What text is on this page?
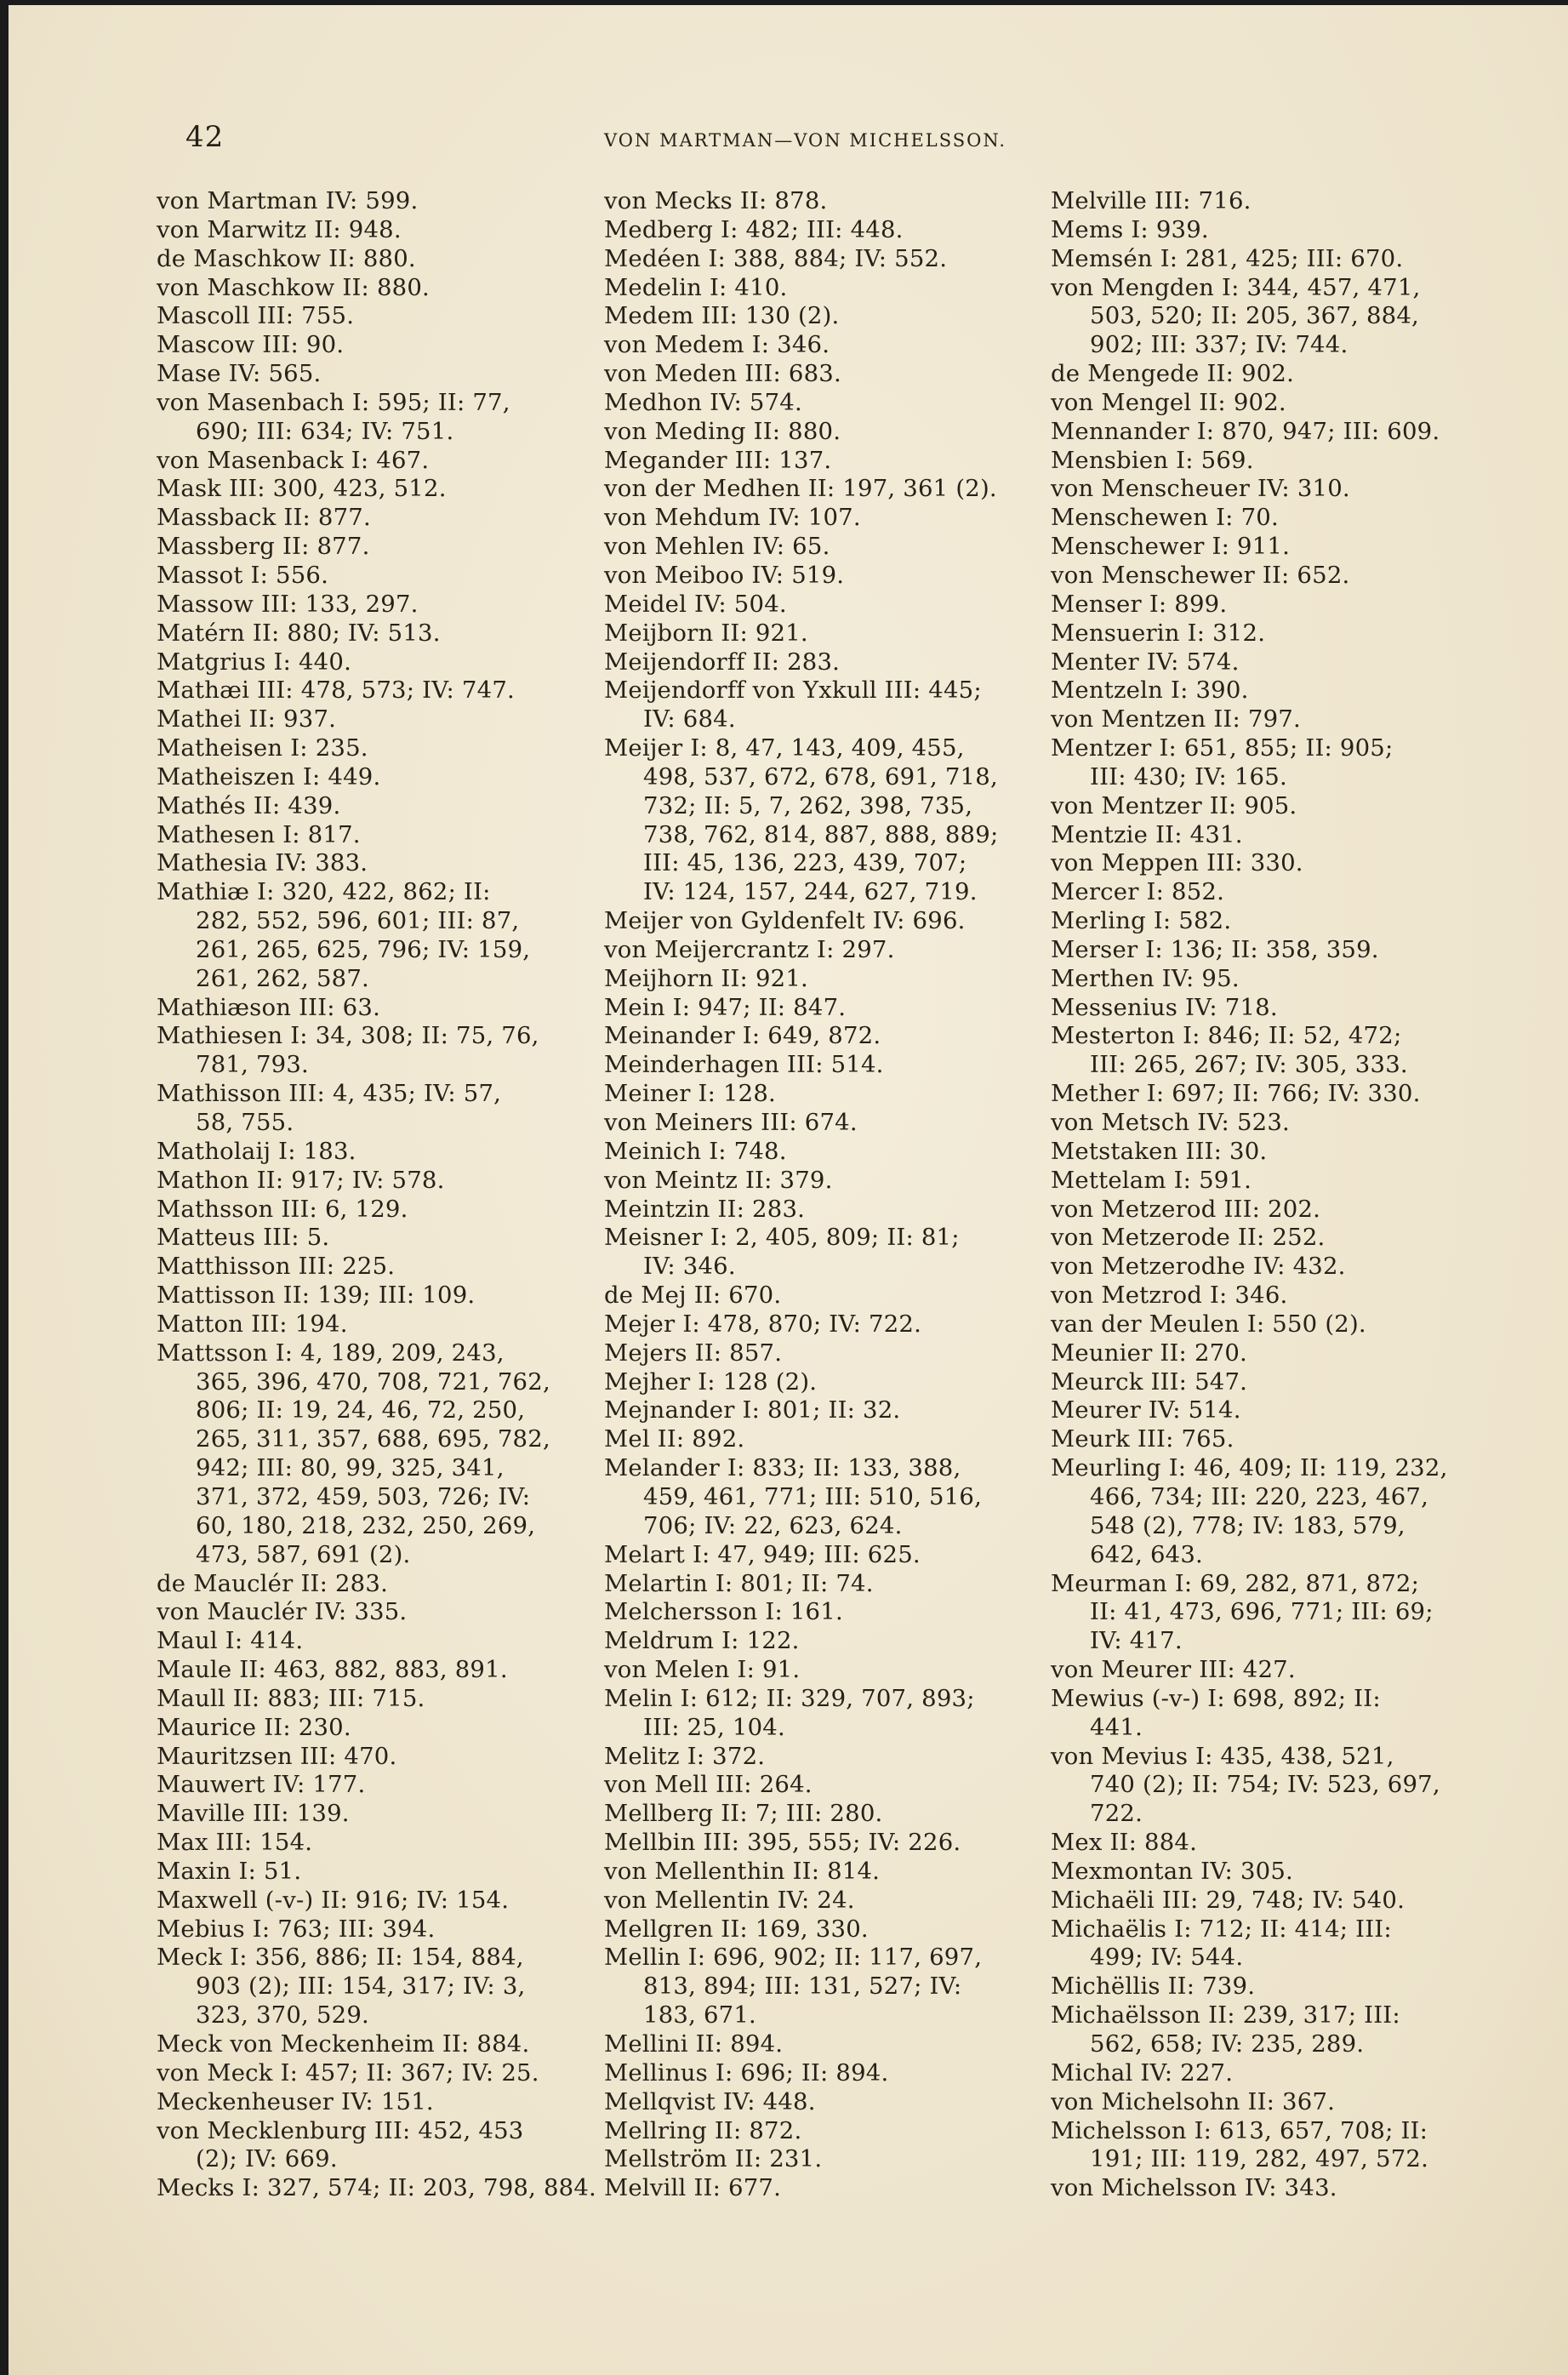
42	VON MARTMAN—VON MICHELSSON.
von Martman IV: 599.
von Marwitz II: 948.
de Maschkow II: 880.
von Maschkow II: 880.
Mascoll III: 755.
Mascow III: 90.
Mase IV: 565.
von Masenbach I: 595; II: 77,
690; III: 634; IV: 751.
von Masenback I: 467.
Mask III: 300, 423, 512.
Massback II: 877.
Massberg II: 877.
Massot I: 556.
Massow III: 133, 297.
Matérn II: 880; IV: 513.
Matgrius I: 440.
Mathæi III: 478, 573; IV: 747.
Mathei II: 937.
Matheisen I: 235.
Matheiszen I: 449.
Mathés II: 439.
Mathesen I: 817.
Mathesia IV: 383.
Mathiæ I: 320, 422, 862; II:
282, 552, 596, 601; III: 87,
261, 265, 625, 796; IV: 159,
261, 262, 587.
Mathiæson III: 63.
Mathiesen I: 34, 308; II: 75, 76,
781, 793.
Mathisson III: 4, 435; IV: 57,
58, 755.
Matholaij I: 183.
Mathon II: 917; IV: 578.
Mathsson III: 6, 129.
Matteus III: 5.
Matthisson III: 225.
Mattisson II: 139; III: 109.
Matton III: 194.
Mattsson I: 4, 189, 209, 243,
365, 396, 470, 708, 721, 762,
806; II: 19, 24, 46, 72, 250,
265, 311, 357, 688, 695, 782,
942; III: 80, 99, 325, 341,
371, 372, 459, 503, 726; IV:
60, 180, 218, 232, 250, 269,
473, 587, 691 (2).
de Mauclér II: 283.
von Mauclér IV: 335.
Maul I: 414.
Maule II: 463, 882, 883, 891.
Maull II: 883; III: 715.
Maurice II: 230.
Mauritzsen III: 470.
Mauwert IV: 177.
Maville III: 139.
Max III: 154.
Maxin I: 51.
Maxwell (-v-) II: 916; IV: 154.
Mebius I: 763; III: 394.
Meck I: 356, 886; II: 154, 884,
903 (2); III: 154, 317; IV: 3,
323, 370, 529.
Meck von Meckenheim II: 884.
von Meck I: 457; II: 367; IV: 25.
Meckenheuser IV: 151.
von Mecklenburg III: 452, 453
(2); IV: 669.
Mecks I: 327, 574; II: 203, 798, 884.
von Mecks II: 878.
Medberg I: 482; III: 448.
Medéen I: 388, 884; IV: 552.
Medelin I: 410.
Medem III: 130 (2).
von Medem I: 346.
von Meden III: 683.
Medhon IV: 574.
von Meding II: 880.
Megander III: 137.
von der Medhen II: 197, 361 (2).
von Mehdum IV: 107.
von Mehlen IV: 65.
von Meiboo IV: 519.
Meidel IV: 504.
Meijborn II: 921.
Meijendorff II: 283.
Meijendorff von Yxkull III: 445;
IV: 684.
Meijer I: 8, 47, 143, 409, 455,
498, 537, 672, 678, 691, 718,
732; II: 5, 7, 262, 398, 735,
738, 762, 814, 887, 888, 889;
III: 45, 136, 223, 439, 707;
IV: 124, 157, 244, 627, 719.
Meijer von Gyldenfelt IV: 696.
von Meijercrantz I: 297.
Meijhorn II: 921.
Mein I: 947; II: 847.
Meinander I: 649, 872.
Meinderhagen III: 514.
Meiner I: 128.
von Meiners III: 674.
Meinich I: 748.
von Meintz II: 379.
Meintzin II: 283.
Meisner I: 2, 405, 809; II: 81;
IV: 346.
de Mej II: 670.
Mejer I: 478, 870; IV: 722.
Mejers II: 857.
Mejher I: 128 (2).
Mejnander I: 801; II: 32.
Mel II: 892.
Melander I: 833; II: 133, 388,
459, 461, 771; III: 510, 516,
706; IV: 22, 623, 624.
Melart I: 47, 949; III: 625.
Melartin I: 801; II: 74.
Melchersson I: 161.
Meldrum I: 122.
von Melen I: 91.
Melin I: 612; II: 329, 707, 893;
III: 25, 104.
Melitz I: 372.
von Mell III: 264.
Mellberg II: 7; III: 280.
Mellbin III: 395, 555; IV: 226.
von Mellenthin II: 814.
von Mellentin IV: 24.
Mellgren II: 169, 330.
Mellin I: 696, 902; II: 117, 697,
813, 894; III: 131, 527; IV:
183, 671.
Mellini II: 894.
Mellinus I: 696; II: 894.
Mellqvist IV: 448.
Mellring II: 872.
Mellström II: 231.
Melvill II: 677.
Melville III: 716.
Mems I: 939.
Memsén I: 281, 425; III: 670.
von Mengden I: 344, 457, 471,
503, 520; II: 205, 367, 884,
902; III: 337; IV: 744.
de Mengede II: 902.
von Mengel II: 902.
Mennander I: 870, 947; III: 609.
Mensbien I: 569.
von Menscheuer IV: 310.
Menschewen I: 70.
Menschewer I: 911.
von Menschewer II: 652.
Menser I: 899.
Mensuerin I: 312.
Menter IV: 574.
Mentzeln I: 390.
von Mentzen II: 797.
Mentzer I: 651, 855; II: 905;
III: 430; IV: 165.
von Mentzer II: 905.
Mentzie II: 431.
von Meppen III: 330.
Mercer I: 852.
Merling I: 582.
Merser I: 136; II: 358, 359.
Merthen IV: 95.
Messenius IV: 718.
Mesterton I: 846; II: 52, 472;
III: 265, 267; IV: 305, 333.
Mether I: 697; II: 766; IV: 330.
von Metsch IV: 523.
Metstaken III: 30.
Mettelam I: 591.
von Metzerod III: 202.
von Metzerode II: 252.
von Metzerodhe IV: 432.
von Metzrod I: 346.
van der Meulen I: 550 (2).
Meunier II: 270.
Meurck III: 547.
Meurer IV: 514.
Meurk III: 765.
Meurling I: 46, 409; II: 119, 232,
466, 734; III: 220, 223, 467,
548 (2), 778; IV: 183, 579,
642, 643.
Meurman I: 69, 282, 871, 872;
II: 41, 473, 696, 771; III: 69;
IV: 417.
von Meurer III: 427.
Mewius (-v-) I: 698, 892; II:
441.
von Mevius I: 435, 438, 521,
740 (2); II: 754; IV: 523, 697,
722.
Mex II: 884.
Mexmontan IV: 305.
Michaëli III: 29, 748; IV: 540.
Michaëlis I: 712; II: 414; III:
499; IV: 544.
Michëllis II: 739.
Michaëlsson II: 239, 317; III:
562, 658; IV: 235, 289.
Michal IV: 227.
von Michelsohn II: 367.
Michelsson I: 613, 657, 708; II:
191; III: 119, 282, 497, 572.
von Michelsson IV: 343.
